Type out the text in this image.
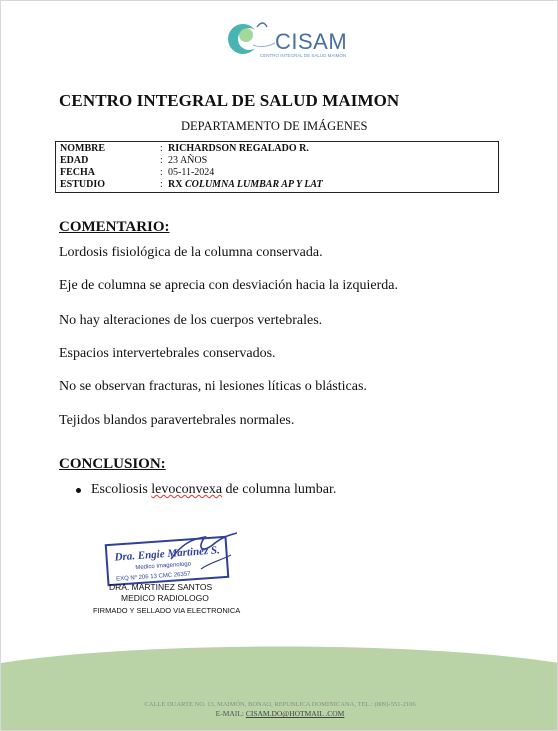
CISAM
CENTRO INTEGRAL DE SALUD MAIMON
CENTRO INTEGRAL DE SALUD MAIMON
DEPARTAMENTO DE IMÁGENES
NOMBRE	: RICHARDSON REGALADO R.
EDAD	: 23 AÑOS
FECHA	: 05-11-2024
ESTUDIO	: RX COLUMNA LUMBAR AP Y LAT
COMENTARIO:
Lordosis fisiológica de la columna conservada.
Eje de columna se aprecia con desviación hacia la izquierda.
No hay alteraciones de los cuerpos vertebrales.
Espacios intervertebrales conservados.
No se observan fracturas, ni lesiones líticas o blásticas.
Tejidos blandos paravertebrales normales.
CONCLUSION:
Escoliosis levoconvexa de columna lumbar.
Dra. Engie Martinez S.
Medico Imagenologo
EXQ Nº 206 13 CMC 26357
DRA. MARTINEZ SANTOS
MEDICO RADIOLOGO
FIRMADO Y SELLADO VIA ELECTRONICA
CALLE DUARTE NO. 13, MAIMÓN, BONAO, REPUBLICA DOMINICANA, TEL.: (809)-551-2106
E-MAIL: CISAM.DO@HOTMAIL .COM
